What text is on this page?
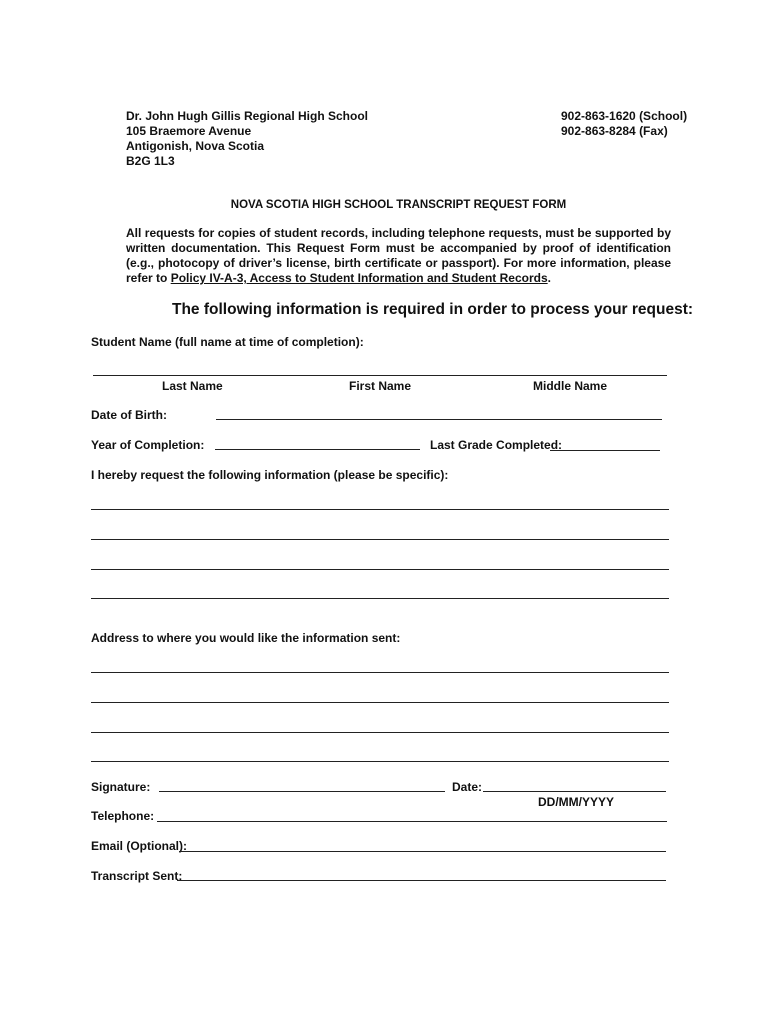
Dr. John Hugh Gillis Regional High School
105 Braemore Avenue
Antigonish, Nova Scotia
B2G 1L3
902-863-1620 (School)
902-863-8284 (Fax)
NOVA SCOTIA HIGH SCHOOL TRANSCRIPT REQUEST FORM
All requests for copies of student records, including telephone requests, must be supported by written documentation. This Request Form must be accompanied by proof of identification (e.g., photocopy of driver’s license, birth certificate or passport). For more information, please refer to Policy IV-A-3, Access to Student Information and Student Records.
The following information is required in order to process your request:
Student Name (full name at time of completion):
Last Name	First Name	Middle Name
Date of Birth:
Year of Completion:	Last Grade Completed:
I hereby request the following information (please be specific):
Address to where you would like the information sent:
Signature:	Date:
DD/MM/YYYY
Telephone:
Email (Optional):
Transcript Sent:
